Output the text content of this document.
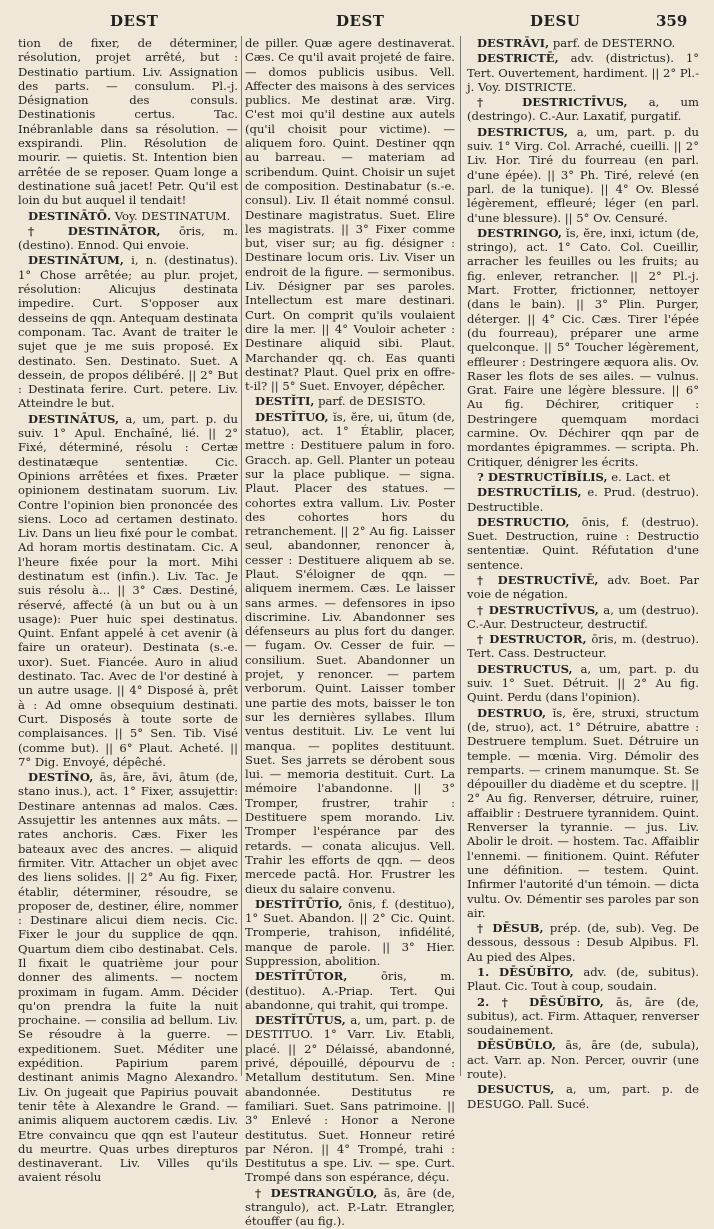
DEST	DEST	DESU	359

tion de fixer, de déterminer, résolution, projet arrêté, but : Destinatio partium. Liv. Assignation des parts. — consulum. Pl.-j. Désignation des consuls. Destinationis certus. Tac. Inébranlable dans sa résolution. — exspirandi. Plin. Résolution de mourir. — quietis. St. Intention bien arrêtée de se reposer. Quam longe a destinatione suâ jacet! Petr. Qu'il est loin du but auquel il tendait!

DESTINĀTŌ. Voy. DESTINATUM.

† DESTINĀTOR, ōris, m. (destino). Ennod. Qui envoie.

DESTINĀTUM, i, n. (destinatus). 1° Chose arrêtée; au plur. projet, résolution: Alicujus destinata impedire. Curt. S'opposer aux desseins de qqn. Antequam destinata componam. Tac. Avant de traiter le sujet que je me suis proposé. Ex destinato. Sen. Destinato. Suet. A dessein, de propos délibéré. || 2° But : Destinata ferire. Curt. petere. Liv. Atteindre le but.

DESTINĀTUS, a, um, part. p. du suiv. 1° Apul. Enchaîné, lié. || 2° Fixé, déterminé, résolu : Certæ destinatæque sententiæ. Cic. Opinions arrêtées et fixes. Præter opinionem destinatam suorum. Liv. Contre l'opinion bien prononcée des siens. Loco ad certamen destinato. Liv. Dans un lieu fixé pour le combat. Ad horam mortis destinatam. Cic. A l'heure fixée pour la mort. Mihi destinatum est (infin.). Liv. Tac. Je suis résolu à... || 3° Cæs. Destiné, réservé, affecté (à un but ou à un usage): Puer huic spei destinatus. Quint. Enfant appelé à cet avenir (à faire un orateur). Destinata (s.-e. uxor). Suet. Fiancée. Auro in aliud destinato. Tac. Avec de l'or destiné à un autre usage. || 4° Disposé à, prêt à : Ad omne obsequium destinati. Curt. Disposés à toute sorte de complaisances. || 5° Sen. Tib. Visé (comme but). || 6° Plaut. Acheté. || 7° Dig. Envoyé, dépêché.

DESTĬNO, ās, āre, āvi, ātum (de, stano inus.), act. 1° Fixer, assujettir: Destinare antennas ad malos. Cæs. Assujettir les antennes aux mâts. — rates anchoris. Cæs. Fixer les bateaux avec des ancres. — aliquid firmiter. Vitr. Attacher un objet avec des liens solides. || 2° Au fig. Fixer, établir, déterminer, résoudre, se proposer de, destiner, élire, nommer : Destinare alicui diem necis. Cic. Fixer le jour du supplice de qqn. Quartum diem cibo destinabat. Cels. Il fixait le quatrième jour pour donner des aliments. — noctem proximam in fugam. Amm. Décider qu'on prendra la fuite la nuit prochaine. — consilia ad bellum. Liv. Se résoudre à la guerre. — expeditionem. Suet. Méditer une expédition. Papirium parem destinant animis Magno Alexandro. Liv. On jugeait que Papirius pouvait tenir tête à Alexandre le Grand. — animis aliquem auctorem cædis. Liv. Etre convaincu que qqn est l'auteur du meurtre. Quas urbes direpturos destinaverant. Liv. Villes qu'ils avaient résolu

de piller. Quæ agere destinaverat. Cæs. Ce qu'il avait projeté de faire. — domos publicis usibus. Vell. Affecter des maisons à des services publics. Me destinat aræ. Virg. C'est moi qu'il destine aux autels (qu'il choisit pour victime). — aliquem foro. Quint. Destiner qqn au barreau. — materiam ad scribendum. Quint. Choisir un sujet de composition. Destinabatur (s.-e. consul). Liv. Il était nommé consul. Destinare magistratus. Suet. Elire les magistrats. || 3° Fixer comme but, viser sur; au fig. désigner : Destinare locum oris. Liv. Viser un endroit de la figure. — sermonibus. Liv. Désigner par ses paroles. Intellectum est mare destinari. Curt. On comprit qu'ils voulaient dire la mer. || 4° Vouloir acheter : Destinare aliquid sibi. Plaut. Marchander qq. ch. Eas quanti destinat? Plaut. Quel prix en offre-t-il? || 5° Suet. Envoyer, dépêcher.

DESTĬTI, parf. de DESISTO.

DESTĬTUO, ĭs, ĕre, ui, ūtum (de, statuo), act. 1° Établir, placer, mettre : Destituere palum in foro. Gracch. ap. Gell. Planter un poteau sur la place publique. — signa. Plaut. Placer des statues. — cohortes extra vallum. Liv. Poster des cohortes hors du retranchement. || 2° Au fig. Laisser seul, abandonner, renoncer à, cesser : Destituere aliquem ab se. Plaut. S'éloigner de qqn. — aliquem inermem. Cæs. Le laisser sans armes. — defensores in ipso discrimine. Liv. Abandonner ses défenseurs au plus fort du danger. — fugam. Ov. Cesser de fuir. — consilium. Suet. Abandonner un projet, y renoncer. — partem verborum. Quint. Laisser tomber une partie des mots, baisser le ton sur les dernières syllabes. Illum ventus destituit. Liv. Le vent lui manqua. — poplites destituunt. Suet. Ses jarrets se dérobent sous lui. — memoria destituit. Curt. La mémoire l'abandonne. || 3° Tromper, frustrer, trahir : Destituere spem morando. Liv. Tromper l'espérance par des retards. — conata alicujus. Vell. Trahir les efforts de qqn. — deos mercede pactâ. Hor. Frustrer les dieux du salaire convenu.

DESTĬTŪTĬO, ōnis, f. (destituo), 1° Suet. Abandon. || 2° Cic. Quint. Tromperie, trahison, infidélité, manque de parole. || 3° Hier. Suppression, abolition.

DESTĬTŪTOR,	ōris, m. (destituo). A.-Priap. Tert. Qui abandonne, qui trahit, qui trompe.

DESTĬTŪTUS, a, um, part. p. de DESTITUO. 1° Varr. Liv. Etabli, placé. || 2° Délaissé, abandonné, privé, dépouillé, dépourvu de : Metallum destitutum. Sen. Mine abandonnée. Destitutus re familiari. Suet. Sans patrimoine. || 3° Enlevé : Honor a Nerone destitutus. Suet. Honneur retiré par Néron. || 4° Trompé, trahi : Destitutus a spe. Liv. — spe. Curt. Trompé dans son espérance, déçu.

† DESTRANGŬLO, ās, āre (de, strangulo), act. P.-Latr. Etrangler, étouffer (au fig.).

DESTRĀVI, parf. de DESTERNO.

DESTRICTĒ, adv. (districtus). 1° Tert. Ouvertement, hardiment. || 2° Pl.-j. Voy. DISTRICTE.

† DESTRICTĪVUS, a, um (destringo). C.-Aur. Laxatif, purgatif.

DESTRICTUS, a, um, part. p. du suiv. 1° Virg. Col. Arraché, cueilli. || 2° Liv. Hor. Tiré du fourreau (en parl. d'une épée). || 3° Ph. Tiré, relevé (en parl. de la tunique). || 4° Ov. Blessé légèrement, effleuré; léger (en parl. d'une blessure). || 5° Ov. Censuré.

DESTRINGO, ĭs, ĕre, inxi, ictum (de, stringo), act. 1° Cato. Col. Cueillir, arracher les feuilles ou les fruits; au fig. enlever, retrancher. || 2° Pl.-j. Mart. Frotter, frictionner, nettoyer (dans le bain). || 3° Plin. Purger, déterger. || 4° Cic. Cæs. Tirer l'épée (du fourreau), préparer une arme quelconque. || 5° Toucher légèrement, effleurer : Destringere æquora alis. Ov. Raser les flots de ses ailes. — vulnus. Grat. Faire une légère blessure. || 6° Au fig. Déchirer, critiquer : Destringere quemquam mordaci carmine. Ov. Déchirer qqn par de mordantes épigrammes. — scripta. Ph. Critiquer, dénigrer les écrits.

? DESTRUCTĬBĬLIS, e. Lact. et

DESTRUCTĬLIS, e. Prud. (destruo). Destructible.

DESTRUCTIO, ōnis, f. (destruo). Suet. Destruction, ruine : Destructio sententiæ. Quint. Réfutation d'une sentence.

† DESTRUCTĪVĒ, adv. Boet. Par voie de négation.

† DESTRUCTĪVUS, a, um (destruo). C.-Aur. Destructeur, destructif.

† DESTRUCTOR, ōris, m. (destruo). Tert. Cass. Destructeur.

DESTRUCTUS, a, um, part. p. du suiv. 1° Suet. Détruit. || 2° Au fig. Quint. Perdu (dans l'opinion).

DESTRUO, ĭs, ĕre, struxi, structum (de, struo), act. 1° Détruire, abattre : Destruere templum. Suet. Détruire un temple. — mœnia. Virg. Démolir des remparts. — crinem manumque. St. Se dépouiller du diadème et du sceptre. || 2° Au fig. Renverser, détruire, ruiner, affaiblir : Destruere tyrannidem. Quint. Renverser la tyrannie. — jus. Liv. Abolir le droit. — hostem. Tac. Affaiblir l'ennemi. — finitionem. Quint. Réfuter une définition. — testem. Quint. Infirmer l'autorité d'un témoin. — dicta vultu. Ov. Démentir ses paroles par son air.

† DĒSUB, prép. (de, sub). Veg. De dessous, dessous : Desub Alpibus. Fl. Au pied des Alpes.

1. DĒSŬBĬTO, adv. (de, subitus). Plaut. Cic. Tout à coup, soudain.

2. † DĒSŬBĬTO, ās, āre (de, subitus), act. Firm. Attaquer, renverser soudainement.

DĒSŬBŬLO, ās, āre (de, subula), act. Varr. ap. Non. Percer, ouvrir (une route).

DESUCTUS, a, um, part. p. de DESUGO. Pall. Sucé.
